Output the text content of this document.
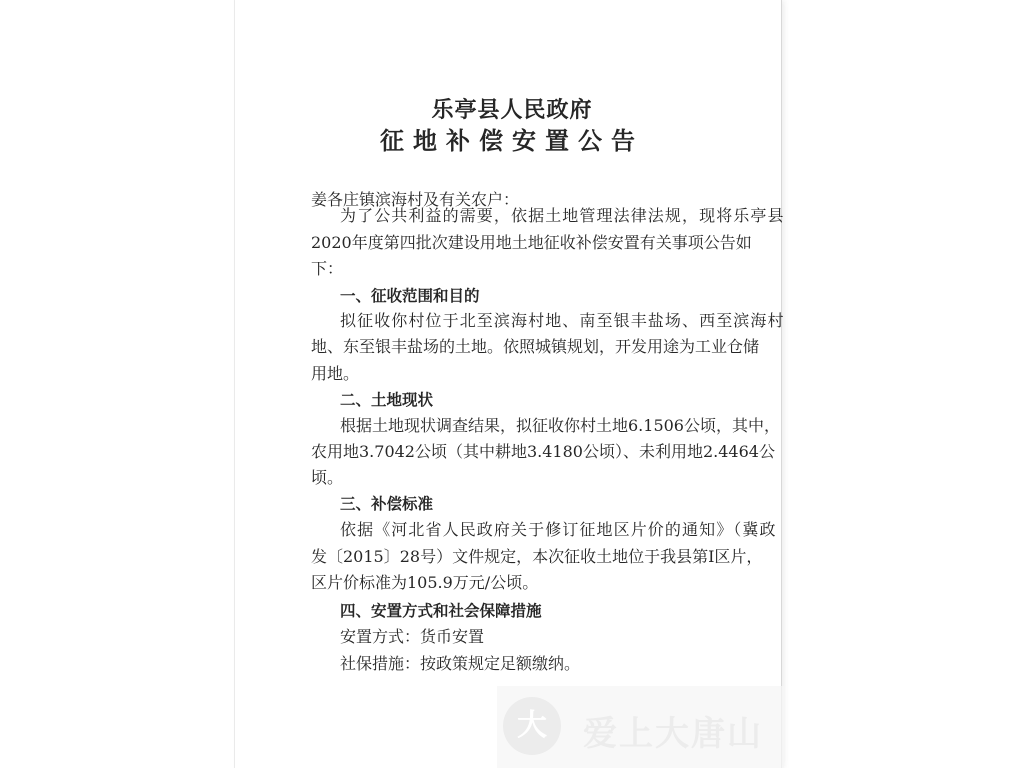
乐亭县人民政府
征地补偿安置公告
姜各庄镇滨海村及有关农户：
为了公共利益的需要，依据土地管理法律法规，现将乐亭县
2020年度第四批次建设用地土地征收补偿安置有关事项公告如
下：
一、征收范围和目的
拟征收你村位于北至滨海村地、南至银丰盐场、西至滨海村
地、东至银丰盐场的土地。依照城镇规划，开发用途为工业仓储
用地。
二、土地现状
根据土地现状调查结果，拟征收你村土地6.1506公顷，其中，
农用地3.7042公顷（其中耕地3.4180公顷）、未利用地2.4464公
顷。
三、补偿标准
依据《河北省人民政府关于修订征地区片价的通知》（冀政
发〔2015〕28号）文件规定，本次征收土地位于我县第I区片，
区片价标准为105.9万元/公顷。
四、安置方式和社会保障措施
安置方式：货币安置
社保措施：按政策规定足额缴纳。
大	爱上大唐山
